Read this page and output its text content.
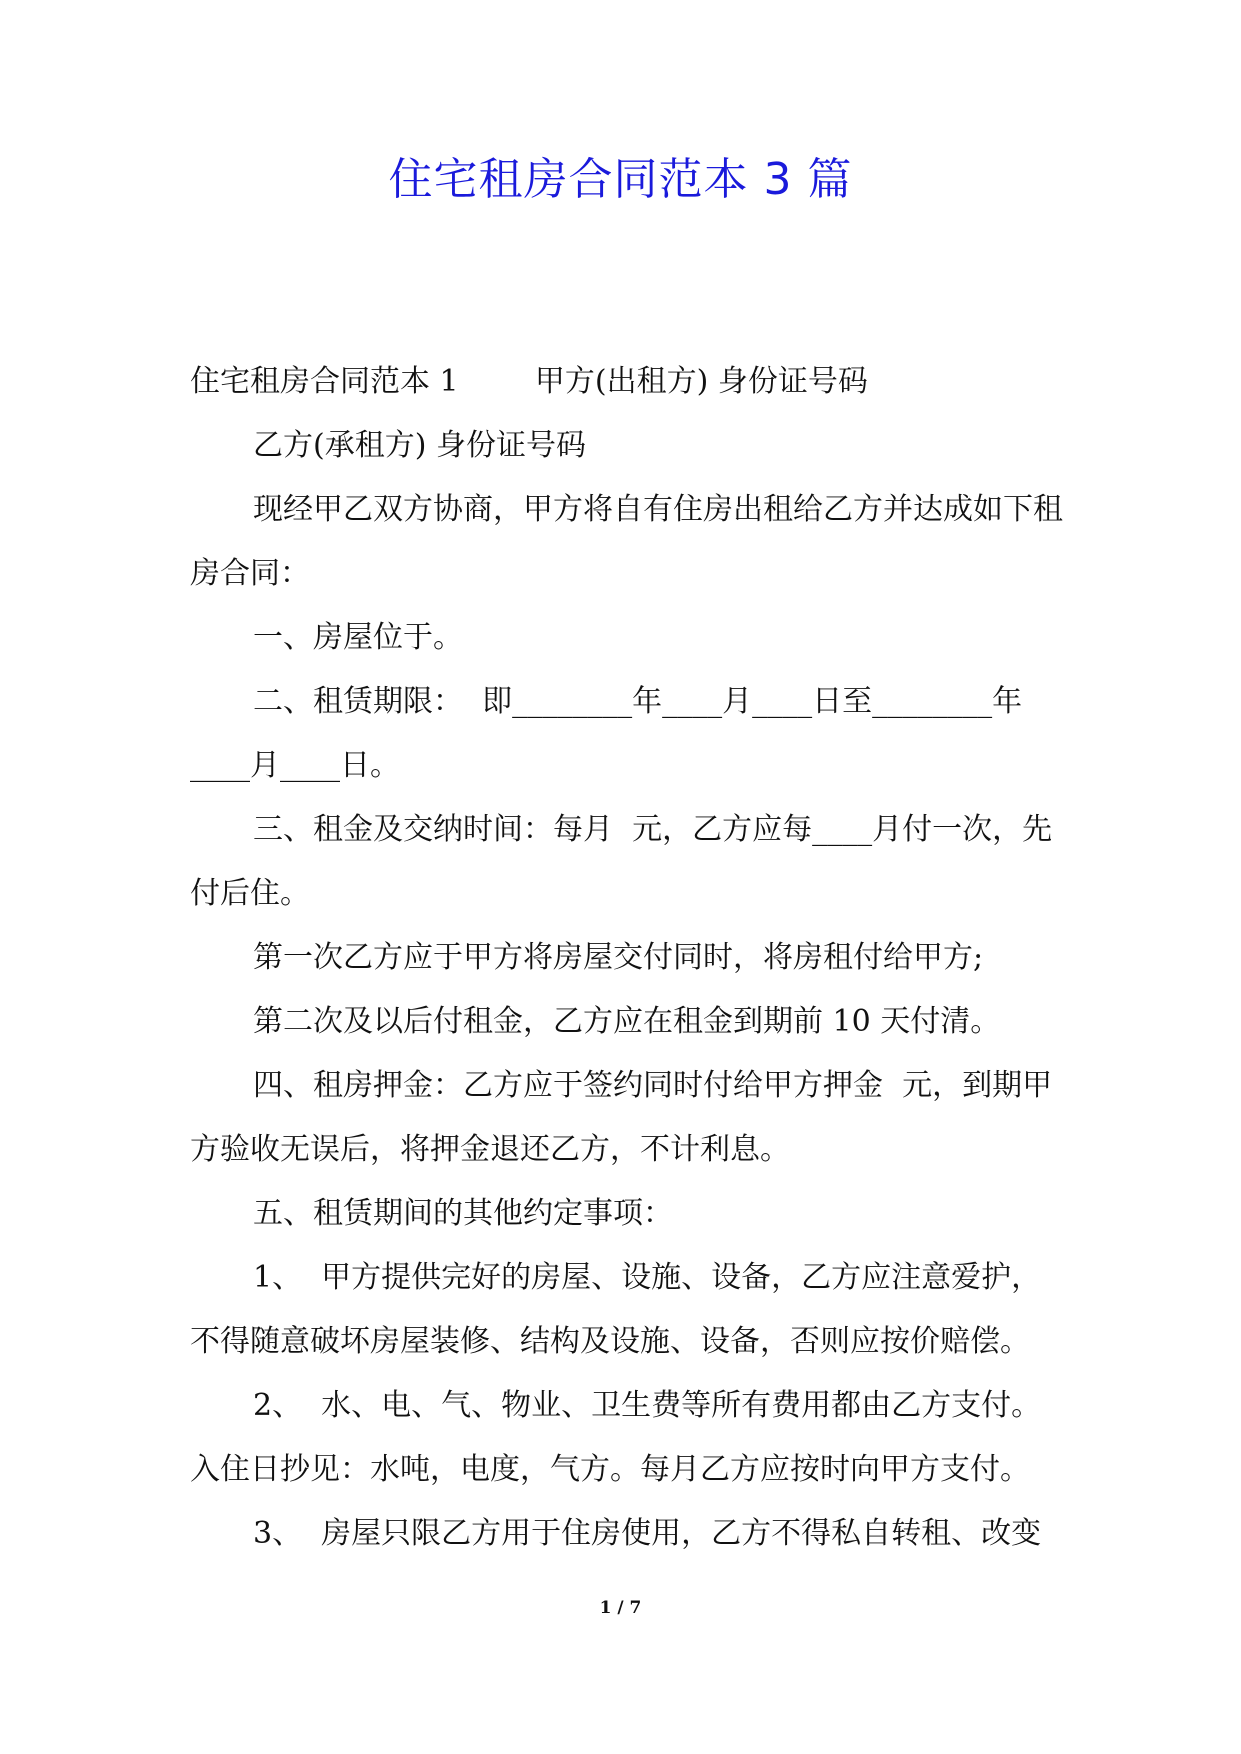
住宅租房合同范本 3 篇

住宅租房合同范本 1        甲方(出租方) 身份证号码

乙方(承租方) 身份证号码

现经甲乙双方协商，甲方将自有住房出租给乙方并达成如下租房合同：

一、房屋位于。

二、租赁期限：  即________年____月____日至________年____月____日。

三、租金及交纳时间：每月  元，乙方应每____月付一次，先付后住。

第一次乙方应于甲方将房屋交付同时，将房租付给甲方;

第二次及以后付租金，乙方应在租金到期前 10 天付清。

四、租房押金：乙方应于签约同时付给甲方押金  元，到期甲方验收无误后，将押金退还乙方，不计利息。

五、租赁期间的其他约定事项：

1、  甲方提供完好的房屋、设施、设备，乙方应注意爱护，不得随意破坏房屋装修、结构及设施、设备，否则应按价赔偿。

2、  水、电、气、物业、卫生费等所有费用都由乙方支付。入住日抄见：水吨，电度，气方。每月乙方应按时向甲方支付。

3、  房屋只限乙方用于住房使用，乙方不得私自转租、改变

1 / 7
